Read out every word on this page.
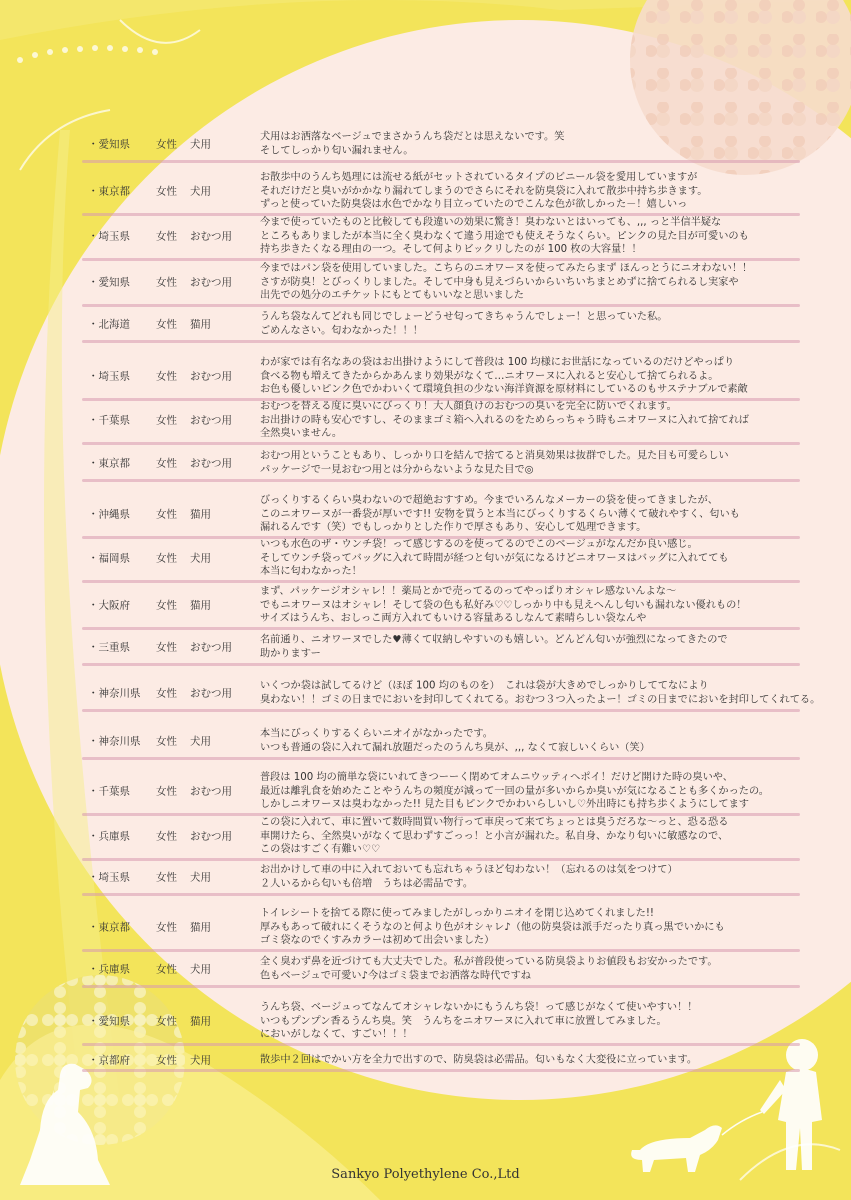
・愛知県 女性 犬用
犬用はお洒落なベージュでまさかうんち袋だとは思えないです。笑
そしてしっかり匂い漏れません。
・東京都 女性 犬用
お散歩中のうんち処理には流せる紙がセットされているタイプのビニール袋を愛用していますが
それだけだと臭いがかかなり漏れてしまうのでさらにそれを防臭袋に入れて散歩中持ち歩きます。
ずっと使っていた防臭袋は水色でかなり目立っていたのでこんな色が欲しかった－！嬉しいっ
・埼玉県 女性 おむつ用
今まで使っていたものと比較しても段違いの効果に驚き！臭わないとはいっても、,,, っと半信半疑な
ところもありましたが本当に全く臭わなくて違う用途でも使えそうなくらい。ピンクの見た目が可愛いのも
持ち歩きたくなる理由の一つ。そして何よりビックリしたのが 100 枚の大容量！！
・愛知県 女性 おむつ用
今まではパン袋を使用していました。こちらのニオワーヌを使ってみたらまず ほんっとうにニオわない！！
さすが防臭！とびっくりしました。そして中身も見えづらいからいちいちまとめずに捨てられるし実家や
出先での処分のエチケットにもとてもいいなと思いました
・北海道 女性 猫用
うんち袋なんてどれも同じでしょーどうせ匂ってきちゃうんでしょー！と思っていた私。
ごめんなさい。匂わなかった！！！
・埼玉県 女性 おむつ用
わが家では有名なあの袋はお出掛けようにして普段は 100 均様にお世話になっているのだけどやっぱり
食べる物も増えてきたからかあんまり効果がなくて…ニオワーヌに入れると安心して捨てられるよ。
お色も優しいピンク色でかわいくて環境負担の少ない海洋資源を原材料にしているのもサステナブルで素敵
・千葉県 女性 おむつ用
おむつを替える度に臭いにびっくり！大人顔負けのおむつの臭いを完全に防いでくれます。
お出掛けの時も安心ですし、そのままゴミ箱へ入れるのをためらっちゃう時もニオワーヌに入れて捨てれば
全然臭いません。
・東京都 女性 おむつ用
おむつ用ということもあり、しっかり口を結んで捨てると消臭効果は抜群でした。見た目も可愛らしい
パッケージで一見おむつ用とは分からないような見た目で◎
・沖縄県 女性 猫用
びっくりするくらい臭わないので超絶おすすめ。今までいろんなメーカーの袋を使ってきましたが、
このニオワーヌが一番袋が厚いです!! 安物を買うと本当にびっくりするくらい薄くて破れやすく、匂いも
漏れるんです（笑）でもしっかりとした作りで厚さもあり、安心して処理できます。
・福岡県 女性 犬用
いつも水色のザ・ウンチ袋！って感じするのを使ってるのでこのベージュがなんだか良い感じ。
そしてウンチ袋ってバッグに入れて時間が経つと匂いが気になるけどニオワーヌはバッグに入れてても
本当に匂わなかった！
・大阪府 女性 猫用
まず、パッケージオシャレ！！薬局とかで売ってるのってやっぱりオシャレ感ないんよな～
でもニオワーヌはオシャレ！そして袋の色も私好み♡♡しっかり中も見えへんし匂いも漏れない優れもの！
サイズはうんち、おしっこ両方入れてもいける容量あるしなんて素晴らしい袋なんや
・三重県 女性 おむつ用
名前通り、ニオワーヌでした♥薄くて収納しやすいのも嬉しい。どんどん匂いが強烈になってきたので
助かりますー
・神奈川県 女性 おむつ用
いくつか袋は試してるけど（ほぼ 100 均のものを）　これは袋が大きめでしっかりしててなにより
臭わない！！ゴミの日までにおいを封印してくれてる。おむつ３つ入ったよー！ゴミの日までにおいを封印してくれてる。
・神奈川県 女性 犬用
本当にびっくりするくらいニオイがなかったです。
いつも普通の袋に入れて漏れ放題だったのうんち臭が、,,, なくて寂しいくらい（笑）
・千葉県 女性 おむつ用
普段は 100 均の簡単な袋にいれてきつーーく閉めてオムニウッティへポイ！だけど開けた時の臭いや、
最近は離乳食を始めたことやうんちの頻度が減って一回の量が多いからか臭いが気になることも多くかったの。
しかしニオワーヌは臭わなかった!! 見た目もピンクでかわいらしいし♡外出時にも持ち歩くようにしてます
・兵庫県 女性 おむつ用
この袋に入れて、車に置いて数時間買い物行って車戻って来てちょっとは臭うだろな～っと、恐る恐る
車開けたら、全然臭いがなくて思わずすごっっ！と小言が漏れた。私自身、かなり匂いに敏感なので、
この袋はすごく有難い♡♡
・埼玉県 女性 犬用
お出かけして車の中に入れておいても忘れちゃうほど匂わない！（忘れるのは気をつけて）
２人いるから匂いも倍増　うちは必需品です。
・東京都 女性 猫用
トイレシートを捨てる際に使ってみましたがしっかりニオイを閉じ込めてくれました!!
厚みもあって破れにくそうなのと何より色がオシャレ♪（他の防臭袋は派手だったり真っ黒でいかにも
ゴミ袋なのでくすみカラーは初めて出会いました）
・兵庫県 女性 犬用
全く臭わず鼻を近づけても大丈夫でした。私が普段使っている防臭袋よりお値段もお安かったです。
色もベージュで可愛い♪今はゴミ袋までお洒落な時代ですね
・愛知県 女性 猫用
うんち袋、ベージュってなんてオシャレないかにもうんち袋！って感じがなくて使いやすい！！
いつもプンプン香るうんち臭。笑　うんちをニオワーヌに入れて車に放置してみました。
においがしなくて、すごい！！！
・京都府 女性 犬用	散歩中２回はでかい方を全力で出すので、防臭袋は必需品。匂いもなく大変役に立っています。
Sankyo Polyethylene Co.,Ltd
